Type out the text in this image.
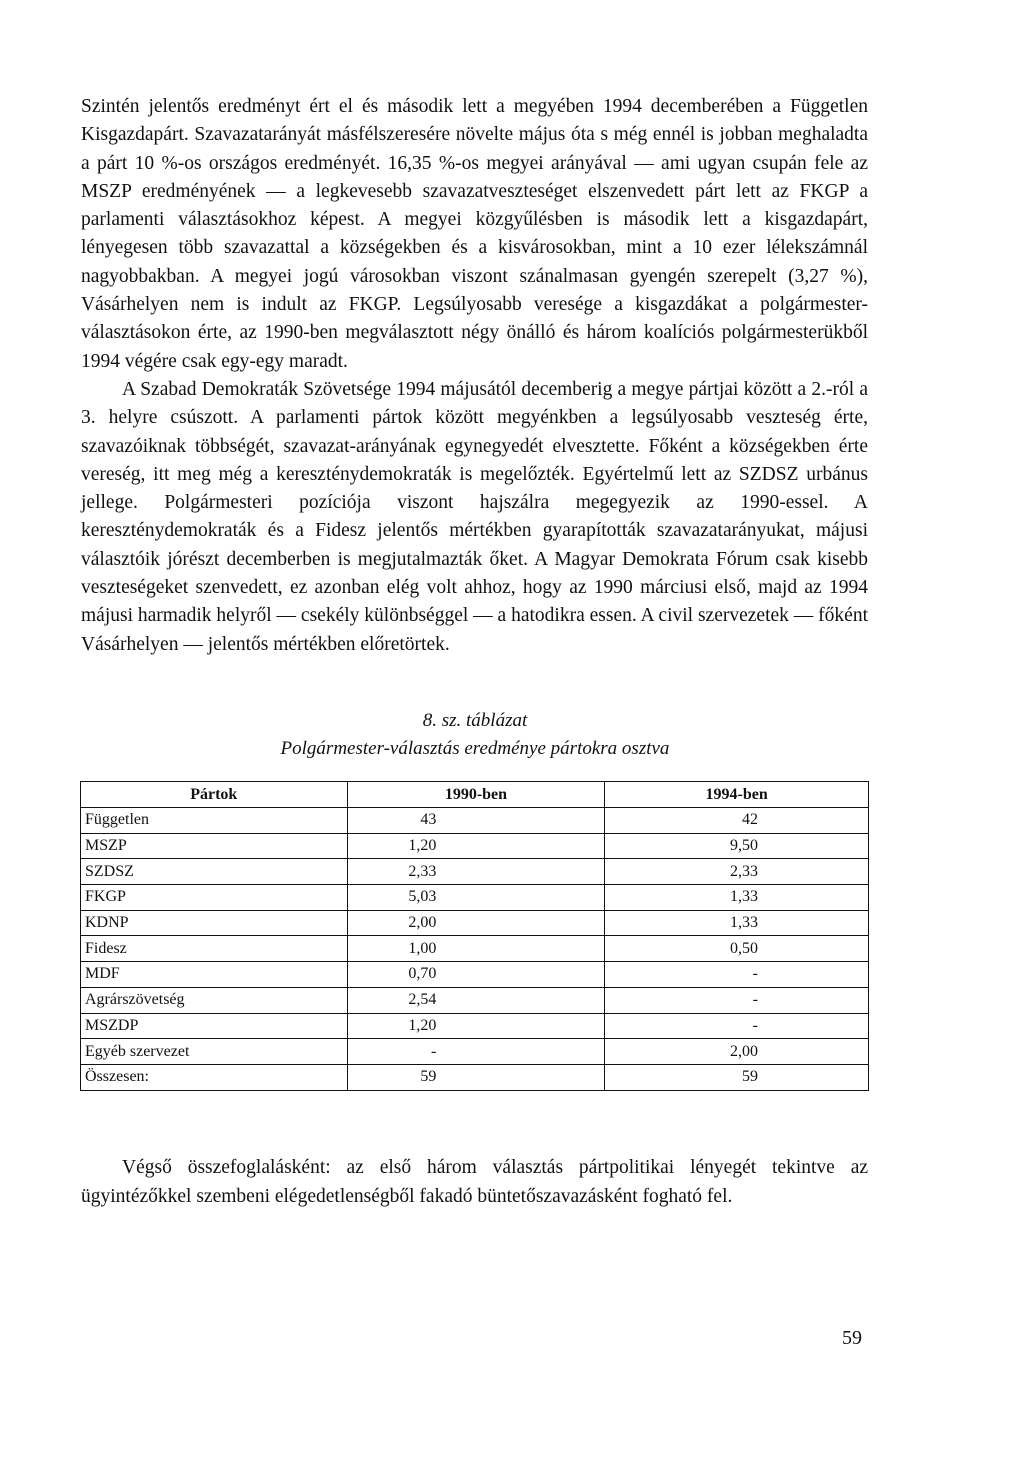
Szintén jelentős eredményt ért el és második lett a megyében 1994 decemberében a Független Kisgazdapárt. Szavazatarányát másfélszeresére növelte május óta s még ennél is jobban meghaladta a párt 10 %-os országos eredményét. 16,35 %-os megyei arányával — ami ugyan csupán fele az MSZP eredményének — a legkevesebb szavazatveszteséget elszenvedett párt lett az FKGP a parlamenti választásokhoz képest. A megyei közgyűlésben is második lett a kisgazdapárt, lényegesen több szavazattal a községekben és a kisvárosokban, mint a 10 ezer lélekszámnál nagyobbakban. A megyei jogú városokban viszont szánalmasan gyengén szerepelt (3,27 %), Vásárhelyen nem is indult az FKGP. Legsúlyosabb veresége a kisgazdákat a polgármester-választásokon érte, az 1990-ben megválasztott négy önálló és három koalíciós polgármesterükből 1994 végére csak egy-egy maradt.

A Szabad Demokraták Szövetsége 1994 májusától decemberig a megye pártjai között a 2.-ról a 3. helyre csúszott. A parlamenti pártok között megyénkben a legsúlyosabb veszteség érte, szavazóiknak többségét, szavazat-arányának egynegyedét elvesztette. Főként a községekben érte vereség, itt meg még a kereszténydemokraták is megelőzték. Egyértelmű lett az SZDSZ urbánus jellege. Polgármesteri pozíciója viszont hajszálra megegyezik az 1990-essel. A kereszténydemokraták és a Fidesz jelentős mértékben gyarapították szavazatarányukat, májusi választóik jórészt decemberben is megjutalmazták őket. A Magyar Demokrata Fórum csak kisebb veszteségeket szenvedett, ez azonban elég volt ahhoz, hogy az 1990 márciusi első, majd az 1994 májusi harmadik helyről — csekély különbséggel — a hatodikra essen. A civil szervezetek — főként Vásárhelyen — jelentős mértékben előretörtek.

8. sz. táblázat
Polgármester-választás eredménye pártokra osztva
Pártok	1990-ben	1994-ben
Független	43	42
MSZP	1,20	9,50
SZDSZ	2,33	2,33
FKGP	5,03	1,33
KDNP	2,00	1,33
Fidesz	1,00	0,50
MDF	0,70	-
Agrárszövetség	2,54	-
MSZDP	1,20	-
Egyéb szervezet	-	2,00
Összesen:	59	59

Végső összefoglalásként: az első három választás pártpolitikai lényegét tekintve az ügyintézőkkel szembeni elégedetlenségből fakadó büntetőszavazásként fogható fel.

59
